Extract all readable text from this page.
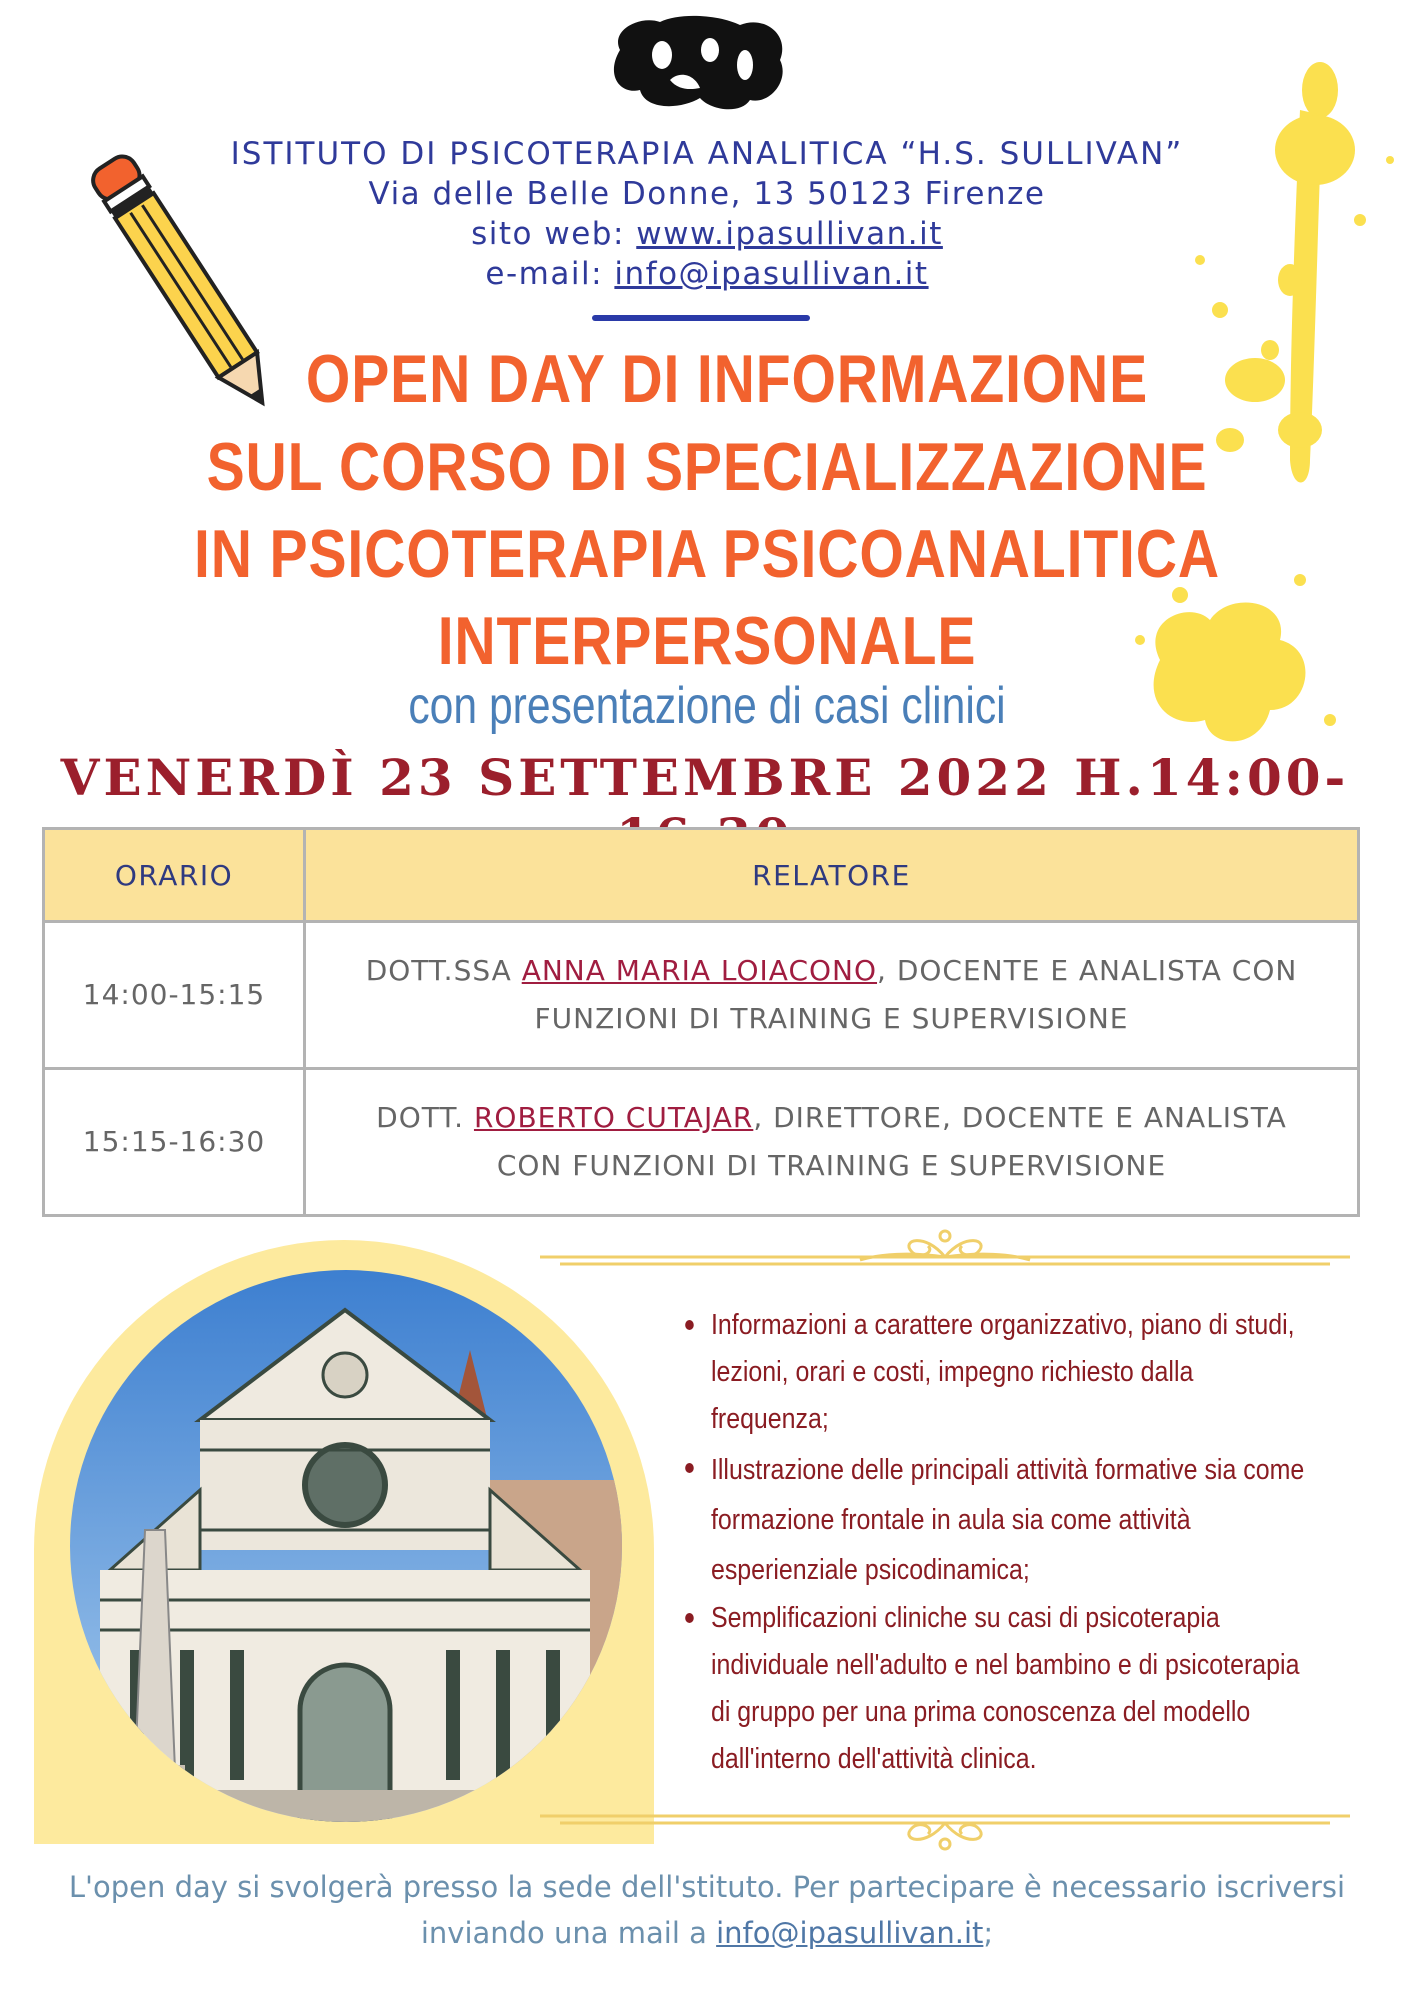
ISTITUTO DI PSICOTERAPIA ANALITICA “H.S. SULLIVAN”
Via delle Belle Donne, 13 50123 Firenze
sito web: www.ipasullivan.it
e-mail: info@ipasullivan.it
OPEN DAY DI INFORMAZIONE
SUL CORSO DI SPECIALIZZAZIONE
IN PSICOTERAPIA PSICOANALITICA
INTERPERSONALE
con presentazione di casi clinici
VENERDÌ 23 SETTEMBRE 2022 H.14:00-
ORARIO	RELATORE
14:00-15:15	DOTT.SSA ANNA MARIA LOIACONO, DOCENTE E ANALISTA CON FUNZIONI DI TRAINING E SUPERVISIONE
15:15-16:30	DOTT. ROBERTO CUTAJAR, DIRETTORE, DOCENTE E ANALISTA CON FUNZIONI DI TRAINING E SUPERVISIONE
Informazioni a carattere organizzativo, piano di studi, lezioni, orari e costi, impegno richiesto dalla frequenza;
Illustrazione delle principali attività formative sia come formazione frontale in aula sia come attività esperienziale psicodinamica;
Semplificazioni cliniche su casi di psicoterapia individuale nell'adulto e nel bambino e di psicoterapia di gruppo per una prima conoscenza del modello dall'interno dell'attività clinica.
L'open day si svolgerà presso la sede dell'stituto. Per partecipare è necessario iscriversi
inviando una mail a info@ipasullivan.it;
